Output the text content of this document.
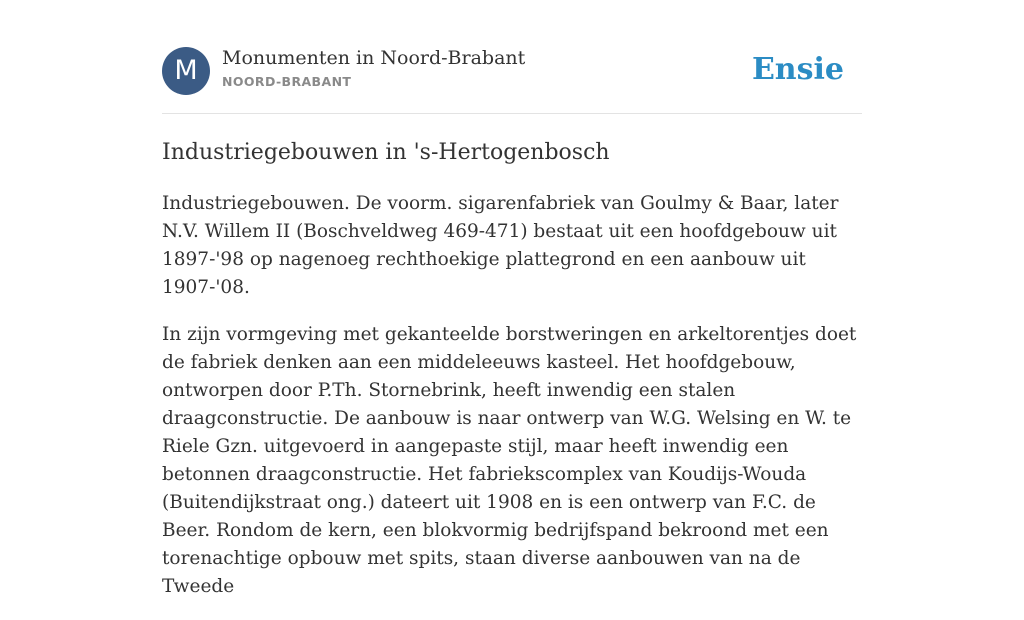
M	Monumenten in Noord-Brabant
NOORD-BRABANT	Ensie
Industriegebouwen in 's-Hertogenbosch

Industriegebouwen. De voorm. sigarenfabriek van Goulmy & Baar, later N.V. Willem II (Boschveldweg 469-471) bestaat uit een hoofdgebouw uit 1897-'98 op nagenoeg rechthoekige plattegrond en een aanbouw uit 1907-'08.

In zijn vormgeving met gekanteelde borstweringen en arkeltorentjes doet de fabriek denken aan een middeleeuws kasteel. Het hoofdgebouw, ontworpen door P.Th. Stornebrink, heeft inwendig een stalen draagconstructie. De aanbouw is naar ontwerp van W.G. Welsing en W. te Riele Gzn. uitgevoerd in aangepaste stijl, maar heeft inwendig een betonnen draagconstructie. Het fabriekscomplex van Koudijs-Wouda (Buitendijkstraat ong.) dateert uit 1908 en is een ontwerp van F.C. de Beer. Rondom de kern, een blokvormig bedrijfspand bekroond met een torenachtige opbouw met spits, staan diverse aanbouwen van na de Tweede
